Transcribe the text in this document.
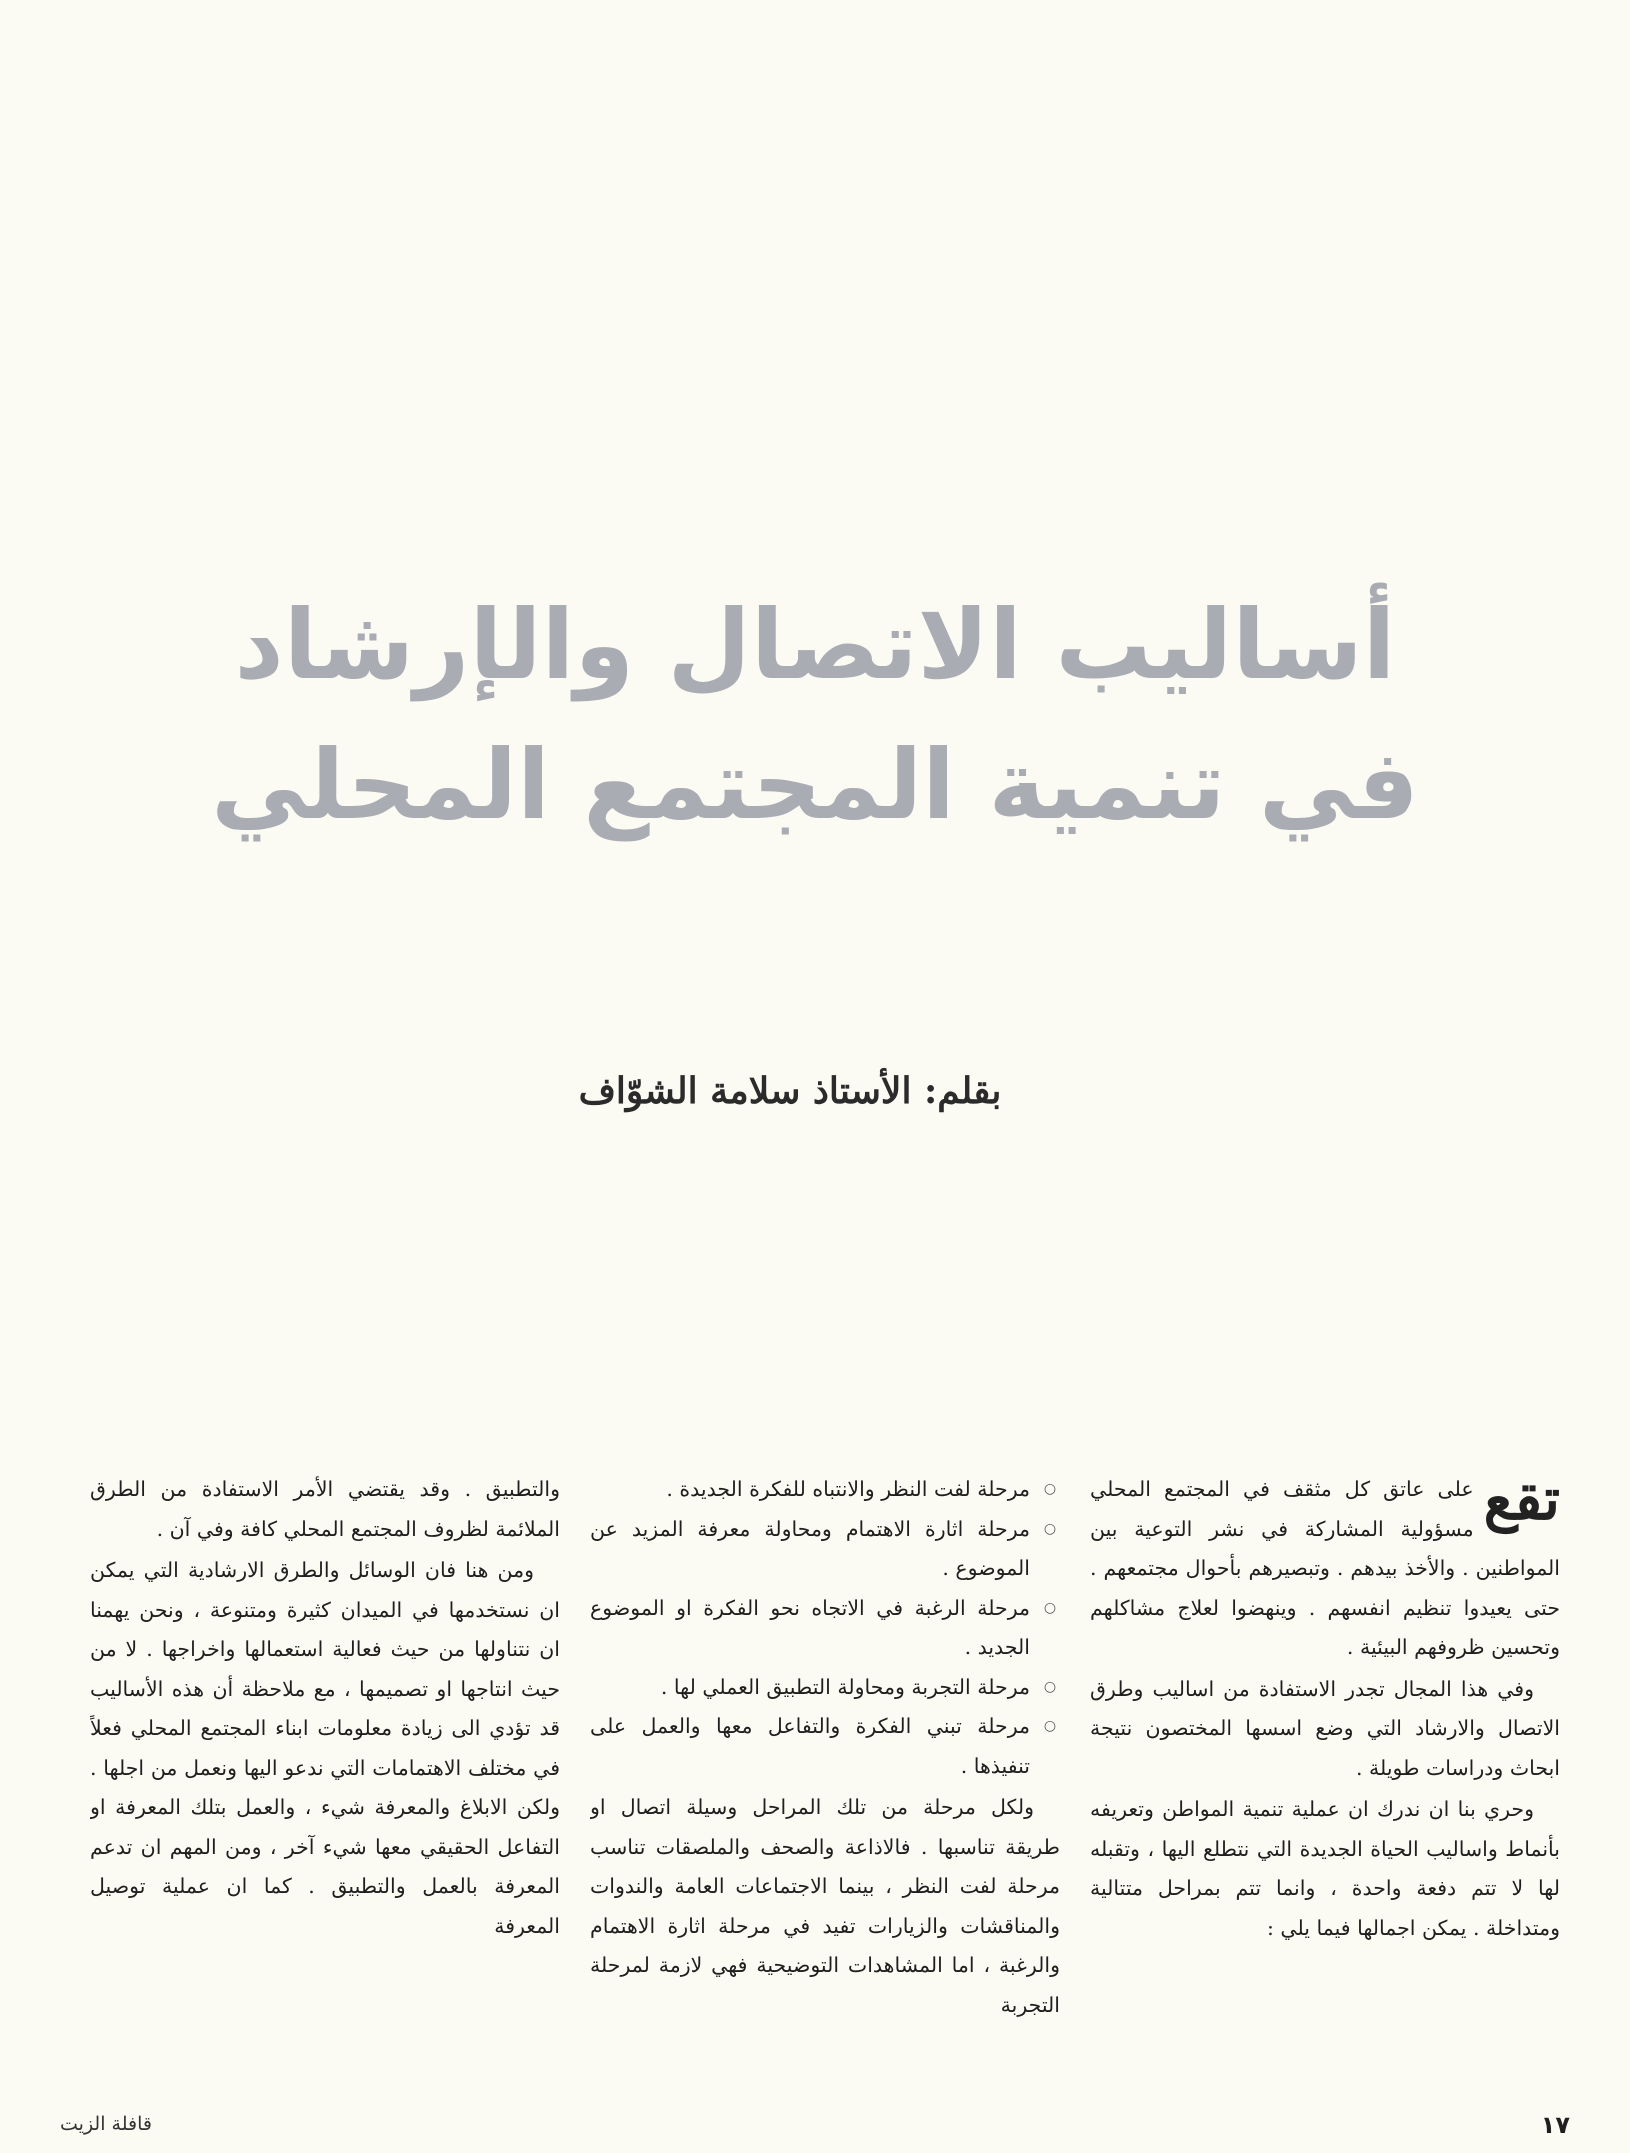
أساليب الاتصال والإرشاد
في تنمية المجتمع المحلي
بقلم: الأستاذ سلامة الشوّاف

تقع
على عاتق كل مثقف في المجتمع المحلي مسؤولية المشاركة في نشر التوعية بين المواطنين . والأخذ بيدهم . وتبصيرهم بأحوال مجتمعهم . حتى يعيدوا تنظيم انفسهم . وينهضوا لعلاج مشاكلهم وتحسين ظروفهم البيئية .

وفي هذا المجال تجدر الاستفادة من اساليب وطرق الاتصال والارشاد التي وضع اسسها المختصون نتيجة ابحاث ودراسات طويلة .

وحري بنا ان ندرك ان عملية تنمية المواطن وتعريفه بأنماط واساليب الحياة الجديدة التي نتطلع اليها ، وتقبله لها لا تتم دفعة واحدة ، وانما تتم بمراحل متتالية ومتداخلة . يمكن اجمالها فيما يلي :

○
مرحلة لفت النظر والانتباه للفكرة الجديدة .
○
مرحلة اثارة الاهتمام ومحاولة معرفة المزيد عن الموضوع .
○
مرحلة الرغبة في الاتجاه نحو الفكرة او الموضوع الجديد .
○
مرحلة التجربة ومحاولة التطبيق العملي لها .
○
مرحلة تبني الفكرة والتفاعل معها والعمل على تنفيذها .

ولكل مرحلة من تلك المراحل وسيلة اتصال او طريقة تناسبها . فالاذاعة والصحف والملصقات تناسب مرحلة لفت النظر ، بينما الاجتماعات العامة والندوات والمناقشات والزيارات تفيد في مرحلة اثارة الاهتمام والرغبة ، اما المشاهدات التوضيحية فهي لازمة لمرحلة التجربة

والتطبيق . وقد يقتضي الأمر الاستفادة من الطرق الملائمة لظروف المجتمع المحلي كافة وفي آن .

ومن هنا فان الوسائل والطرق الارشادية التي يمكن ان نستخدمها في الميدان كثيرة ومتنوعة ، ونحن يهمنا ان نتناولها من حيث فعالية استعمالها واخراجها . لا من حيث انتاجها او تصميمها ، مع ملاحظة أن هذه الأساليب قد تؤدي الى زيادة معلومات ابناء المجتمع المحلي فعلاً في مختلف الاهتمامات التي ندعو اليها ونعمل من اجلها . ولكن الابلاغ والمعرفة شيء ، والعمل بتلك المعرفة او التفاعل الحقيقي معها شيء آخر ، ومن المهم ان تدعم المعرفة بالعمل والتطبيق . كما ان عملية توصيل المعرفة

١٧
قافلة الزيت
